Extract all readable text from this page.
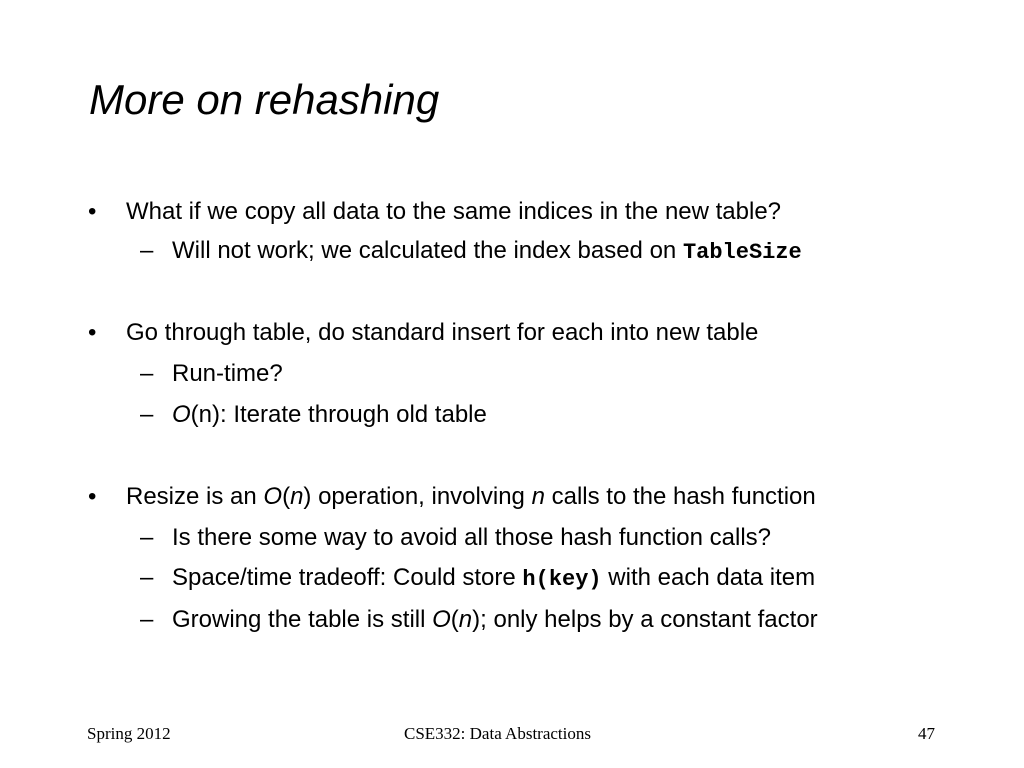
More on rehashing
• What if we copy all data to the same indices in the new table?
– Will not work; we calculated the index based on TableSize
• Go through table, do standard insert for each into new table
– Run-time?
– O(n): Iterate through old table
• Resize is an O(n) operation, involving n calls to the hash function
– Is there some way to avoid all those hash function calls?
– Space/time tradeoff: Could store h(key) with each data item
– Growing the table is still O(n); only helps by a constant factor
Spring 2012	CSE332: Data Abstractions	47
